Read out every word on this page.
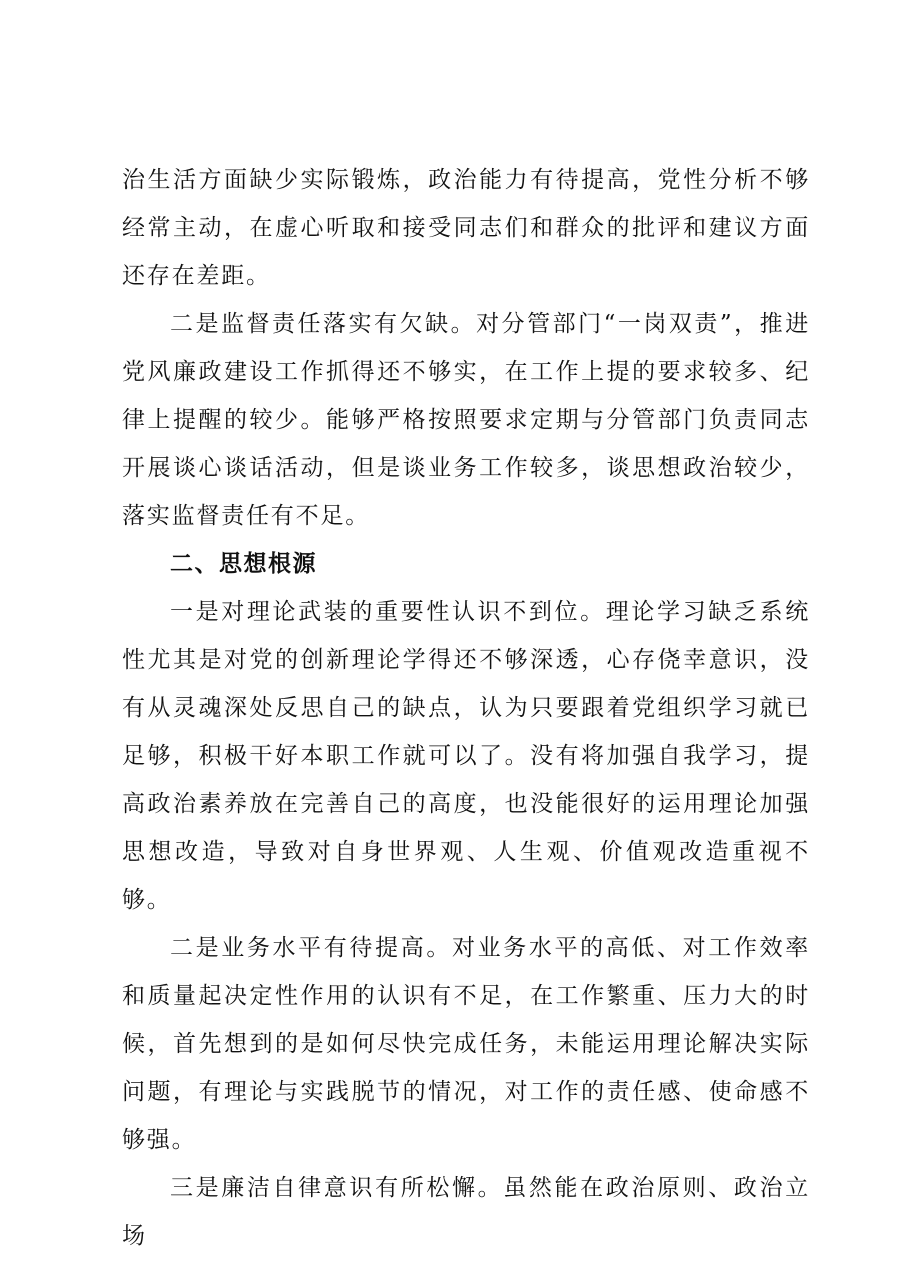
治生活方面缺少实际锻炼，政治能力有待提高，党性分析不够经常主动，在虚心听取和接受同志们和群众的批评和建议方面还存在差距。

二是监督责任落实有欠缺。对分管部门“一岗双责”，推进党风廉政建设工作抓得还不够实，在工作上提的要求较多、纪律上提醒的较少。能够严格按照要求定期与分管部门负责同志开展谈心谈话活动，但是谈业务工作较多，谈思想政治较少，落实监督责任有不足。

二、思想根源

一是对理论武装的重要性认识不到位。理论学习缺乏系统性尤其是对党的创新理论学得还不够深透，心存侥幸意识，没有从灵魂深处反思自己的缺点，认为只要跟着党组织学习就已足够，积极干好本职工作就可以了。没有将加强自我学习，提高政治素养放在完善自己的高度，也没能很好的运用理论加强思想改造，导致对自身世界观、人生观、价值观改造重视不够。

二是业务水平有待提高。对业务水平的高低、对工作效率和质量起决定性作用的认识有不足，在工作繁重、压力大的时候，首先想到的是如何尽快完成任务，未能运用理论解决实际问题，有理论与实践脱节的情况，对工作的责任感、使命感不够强。

三是廉洁自律意识有所松懈。虽然能在政治原则、政治立场
